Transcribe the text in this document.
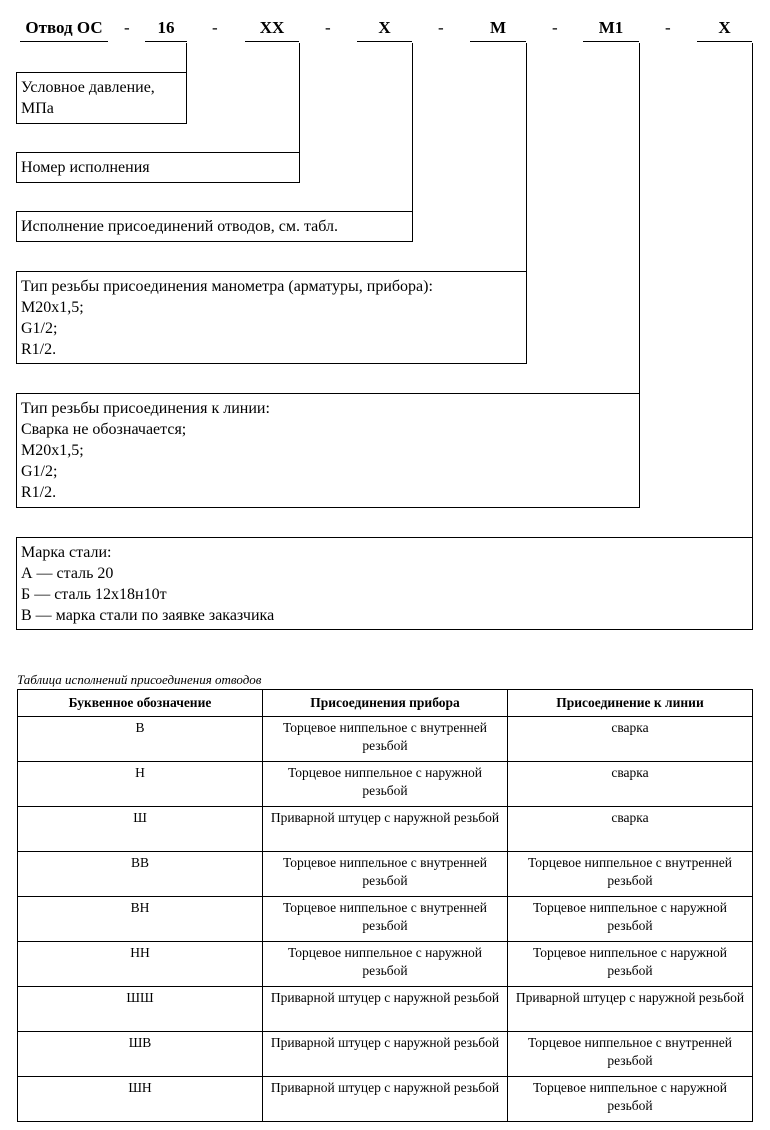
Отвод ОС	-	16	-	XX	-	X	-	M	-	M1	-	X
Условное давление,
МПа
Номер исполнения
Исполнение присоединений отводов, см. табл.
Тип резьбы присоединения манометра (арматуры, прибора):
М20х1,5;
G1/2;
R1/2.
Тип резьбы присоединения к линии:
Сварка не обозначается;
М20х1,5;
G1/2;
R1/2.
Марка стали:
А — сталь 20
Б — сталь 12х18н10т
В — марка стали по заявке заказчика
Таблица исполнений присоединения отводов
Буквенное обозначение	Присоединения прибора	Присоединение к линии
В	Торцевое ниппельное с внутренней резьбой	сварка
Н	Торцевое ниппельное с наружной резьбой	сварка
Ш	Приварной штуцер с наружной резьбой	сварка
ВВ	Торцевое ниппельное с внутренней резьбой	Торцевое ниппельное с внутренней резьбой
ВН	Торцевое ниппельное с внутренней резьбой	Торцевое ниппельное с наружной резьбой
НН	Торцевое ниппельное с наружной резьбой	Торцевое ниппельное с наружной резьбой
ШШ	Приварной штуцер с наружной резьбой	Приварной штуцер с наружной резьбой
ШВ	Приварной штуцер с наружной резьбой	Торцевое ниппельное с внутренней резьбой
ШН	Приварной штуцер с наружной резьбой	Торцевое ниппельное с наружной резьбой
